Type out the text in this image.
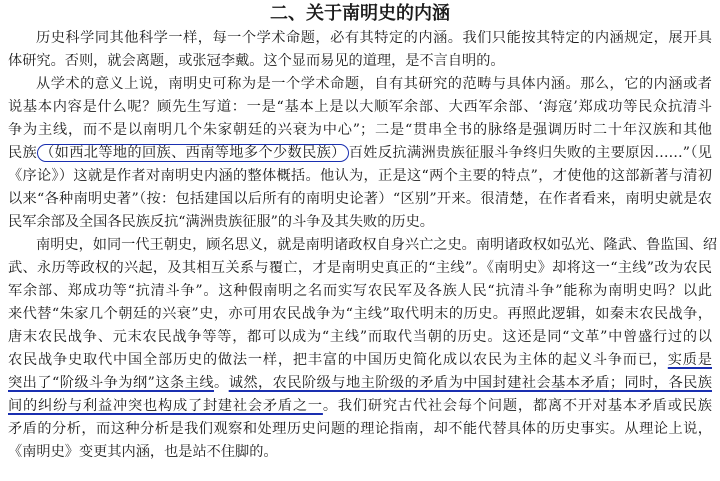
二、关于南明史的内涵
历史科学同其他科学一样，每一个学术命题，必有其特定的内涵。我们只能按其特定的内涵规定，展开具
体研究。否则，就会离题，或张冠李戴。这个显而易见的道理，是不言自明的。
从学术的意义上说，南明史可称为是一个学术命题，自有其研究的范畴与具体内涵。那么，它的内涵或者
说基本内容是什么呢？顾先生写道：一是“基本上是以大顺军余部、大西军余部、‘海寇’郑成功等民众抗清斗
争为主线，而不是以南明几个朱家朝廷的兴衰为中心”；二是“贯串全书的脉络是强调历时二十年汉族和其他
民族 （如西北等地的回族、西南等地多个少数民族） 百姓反抗满洲贵族征服斗争终归失败的主要原因……”（见
《序论》）这就是作者对南明史内涵的整体概括。他认为，正是这“两个主要的特点”，才使他的这部新著与清初
以来“各种南明史著”（按：包括建国以后所有的南明史论著）“区别”开来。很清楚，在作者看来，南明史就是农
民军余部及全国各民族反抗“满洲贵族征服”的斗争及其失败的历史。
南明史，如同一代王朝史，顾名思义，就是南明诸政权自身兴亡之史。南明诸政权如弘光、隆武、鲁监国、绍
武、永历等政权的兴起，及其相互关系与覆亡，才是南明史真正的“主线”。《南明史》却将这一“主线”改为农民
军余部、郑成功等“抗清斗争”。这种假南明之名而实写农民军及各族人民“抗清斗争”能称为南明史吗？以此
来代替“朱家几个朝廷的兴衰”史，亦可用农民战争为“主线”取代明末的历史。再照此逻辑，如秦末农民战争，
唐末农民战争、元末农民战争等等，都可以成为“主线”而取代当朝的历史。这还是同“文革”中曾盛行过的以
农民战争史取代中国全部历史的做法一样，把丰富的中国历史简化成以农民为主体的起义斗争而已，实质是
突出了“阶级斗争为纲”这条主线。诚然，农民阶级与地主阶级的矛盾为中国封建社会基本矛盾；同时，各民族
间的纠纷与利益冲突也构成了封建社会矛盾之一。我们研究古代社会每个问题，都离不开对基本矛盾或民族
矛盾的分析，而这种分析是我们观察和处理历史问题的理论指南，却不能代替具体的历史事实。从理论上说，
《南明史》变更其内涵，也是站不住脚的。
